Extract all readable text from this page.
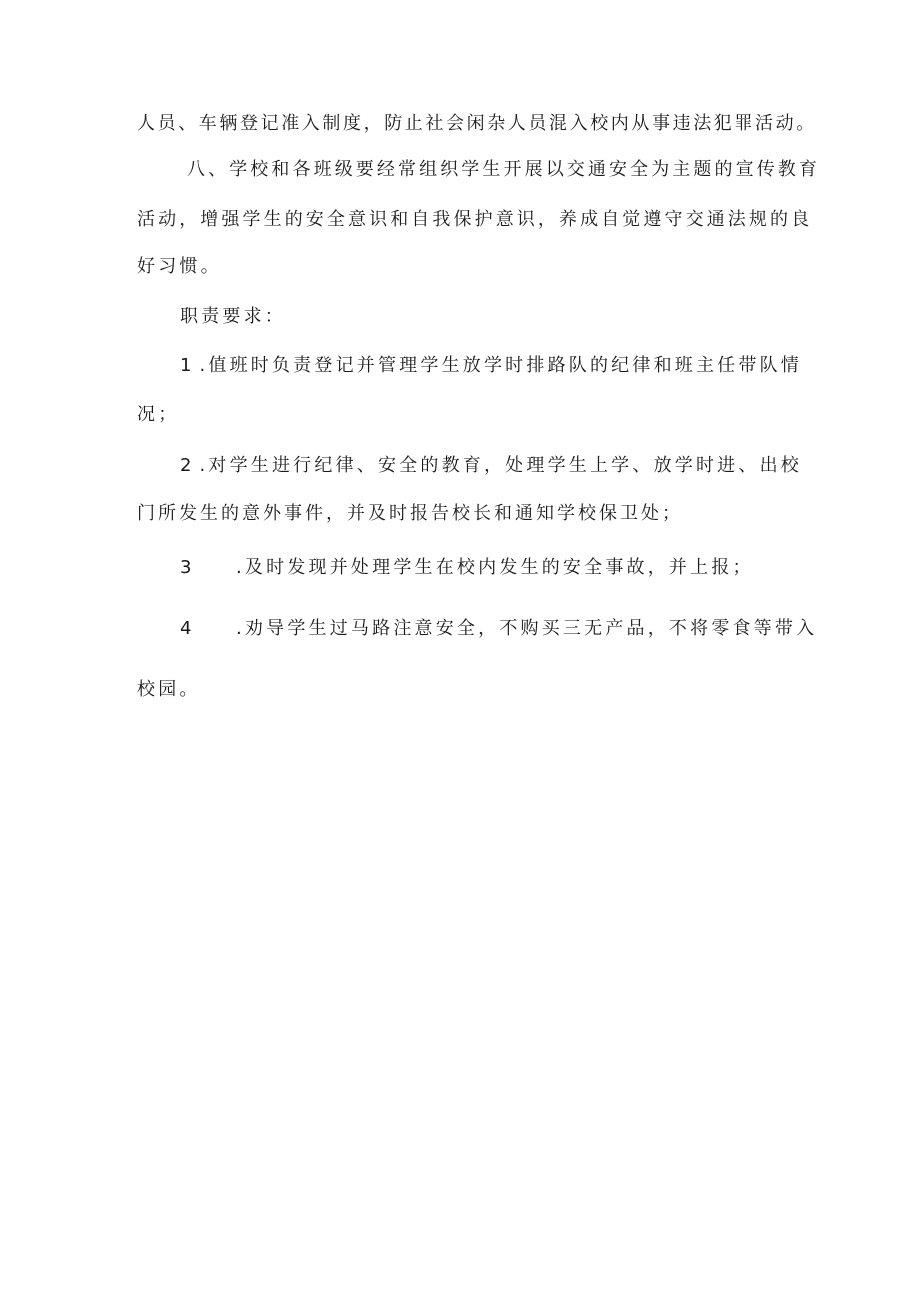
人员、车辆登记准入制度，防止社会闲杂人员混入校内从事违法犯罪活动。
八、学校和各班级要经常组织学生开展以交通安全为主题的宣传教育
活动，增强学生的安全意识和自我保护意识，养成自觉遵守交通法规的良
好习惯。
职责要求：
1 .值班时负责登记并管理学生放学时排路队的纪律和班主任带队情
况；
2 .对学生进行纪律、安全的教育，处理学生上学、放学时进、出校
门所发生的意外事件，并及时报告校长和通知学校保卫处；
3 .及时发现并处理学生在校内发生的安全事故，并上报；
4 .劝导学生过马路注意安全，不购买三无产品，不将零食等带入
校园。
